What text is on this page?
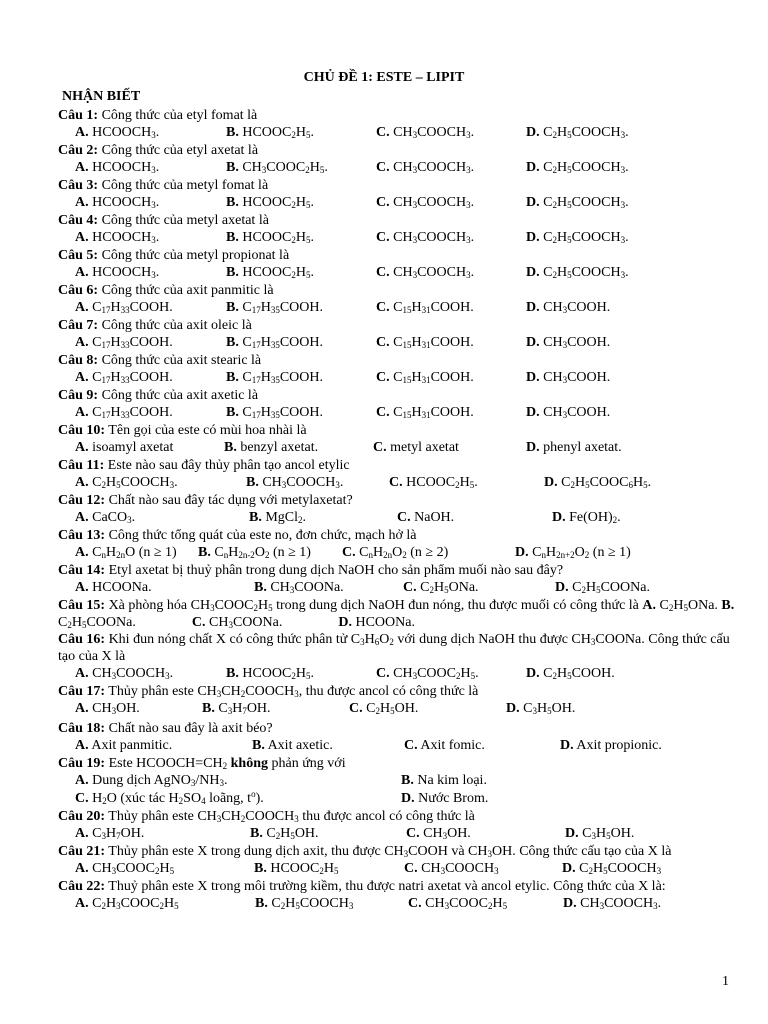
CHỦ ĐỀ 1: ESTE – LIPIT
NHẬN BIẾT
Câu 1: Công thức của etyl fomat là
A. $HCOOCH_3$.	B. $HCOOC_2H_5$.	C. $CH_3COOCH_3$.	D. $C_2H_5COOCH_3$.
Câu 2: Công thức của etyl axetat là
A. $HCOOCH_3$.	B. $CH_3COOC_2H_5$.	C. $CH_3COOCH_3$.	D. $C_2H_5COOCH_3$.
Câu 3: Công thức của metyl fomat là
A. $HCOOCH_3$.	B. $HCOOC_2H_5$.	C. $CH_3COOCH_3$.	D. $C_2H_5COOCH_3$.
Câu 4: Công thức của metyl axetat là
A. $HCOOCH_3$.	B. $HCOOC_2H_5$.	C. $CH_3COOCH_3$.	D. $C_2H_5COOCH_3$.
Câu 5: Công thức của metyl propionat là
A. $HCOOCH_3$.	B. $HCOOC_2H_5$.	C. $CH_3COOCH_3$.	D. $C_2H_5COOCH_3$.
Câu 6: Công thức của axit panmitic là
A. $C_{17}H_{33}COOH$.	B. $C_{17}H_{35}COOH$.	C. $C_{15}H_{31}COOH$.	D. $CH_3COOH$.
Câu 7: Công thức của axit oleic là
A. $C_{17}H_{33}COOH$.	B. $C_{17}H_{35}COOH$.	C. $C_{15}H_{31}COOH$.	D. $CH_3COOH$.
Câu 8: Công thức của axit stearic là
A. $C_{17}H_{33}COOH$.	B. $C_{17}H_{35}COOH$.	C. $C_{15}H_{31}COOH$.	D. $CH_3COOH$.
Câu 9: Công thức của axit axetic là
A. $C_{17}H_{33}COOH$.	B. $C_{17}H_{35}COOH$.	C. $C_{15}H_{31}COOH$.	D. $CH_3COOH$.
Câu 10: Tên gọi của este có mùi hoa nhài là
A. isoamyl axetat	B. benzyl axetat.	C. metyl axetat	D. phenyl axetat.
Câu 11: Este nào sau đây thủy phân tạo ancol etylic
A. $C_2H_5COOCH_3$.	B. $CH_3COOCH_3$.	C. $HCOOC_2H_5$.	D. $C_2H_5COOC_6H_5$.
Câu 12: Chất nào sau đây tác dụng với metylaxetat?
A. CaCO$_3$.	B. MgCl$_2$.	C. NaOH.	D. $Fe(OH)_2$.
Câu 13: Công thức tổng quát của este no, đơn chức, mạch hở là
A. $C_nH_{2n}O$ (n ≥ 1) B. $C_nH_{2n-2}O_2$ (n ≥ 1) C. $C_nH_{2n}O_2$ (n ≥ 2)	D. $C_nH_{2n+2}O_2$ (n ≥ 1)
Câu 14: Etyl axetat bị thuỷ phân trong dung dịch NaOH cho sản phẩm muối nào sau đây?
A. HCOONa.	B. $CH_3COONa$.	C. $C_2H_5ONa$.	D. $C_2H_5COONa$.
Câu 15: Xà phòng hóa $CH_3COOC_2H_5$ trong dung dịch NaOH đun nóng, thu được muối có công thức là A. $C_2H_5ONa$. B. $C_2H_5COONa$.                C. $CH_3COONa$.                D. HCOONa.
Câu 16: Khi đun nóng chất X có công thức phân tử $C_3H_6O_2$ với dung dịch NaOH thu được $CH_3COONa$. Công thức cấu tạo của X là
A. $CH_3COOCH_3$.	B. $HCOOC_2H_5$.	C. $CH_3COOC_2H_5$.	D. $C_2H_5COOH$.
Câu 17: Thủy phân este $CH_3CH_2COOCH_3$, thu được ancol có công thức là
A. $CH_3OH$.	B. $C_3H_7OH$.	C. $C_2H_5OH$.	D. $C_3H_5OH$.
Câu 18: Chất nào sau đây là axit béo?
A. Axit panmitic.	B. Axit axetic.	C. Axit fomic.	D. Axit propionic.
Câu 19: Este $HCOOCH=CH_2$ không phản ứng với
A. Dung dịch $AgNO_3/NH_3$.	B. Na kim loại.
C. $H_2O$ (xúc tác $H_2SO_4$ loãng, $t^o$).	D. Nước Brom.
Câu 20: Thủy phân este $CH_3CH_2COOCH_3$ thu được ancol có công thức là
A. $C_3H_7OH$.	B. $C_2H_5OH$.	C. $CH_3OH$.	D. $C_3H_5OH$.
Câu 21: Thủy phân este X trong dung dịch axit, thu được $CH_3COOH$ và $CH_3OH$. Công thức cấu tạo của X là
A. $CH_3COOC_2H_5$	B. $HCOOC_2H_5$	C. $CH_3COOCH_3$	D. $C_2H_5COOCH_3$
Câu 22: Thuỷ phân este X trong môi trường kiềm, thu được natri axetat và ancol etylic. Công thức của X là:
A. $C_2H_3COOC_2H_5$	B. $C_2H_5COOCH_3$	C. $CH_3COOC_2H_5$	D. $CH_3COOCH_3$.
1
